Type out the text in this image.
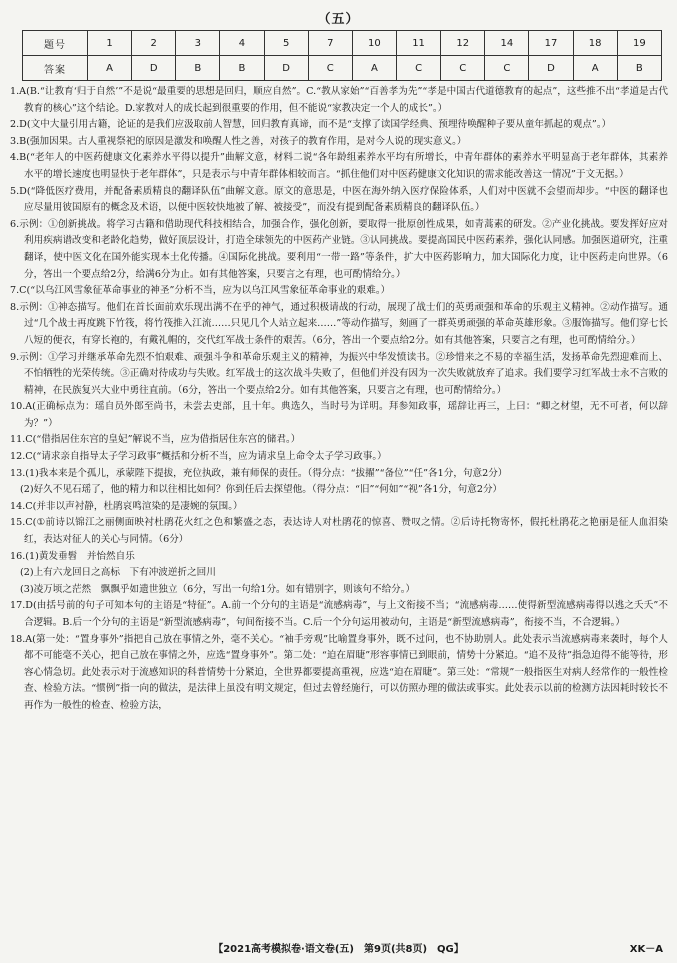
（五）
题号	1	2	3	4	5	7	10	11	12	14	17	18	19
答案	A	D	B	B	D	C	A	C	C	C	D	A	B

1.A(B.“让教育‘归于自然’”不是说“最重要的思想是回归，顺应自然”。C.“教从家始”“百善孝为先”“孝是中国古代道德教育的起点”，这些推不出“孝道是古代教育的核心”这个结论。D.家教对人的成长起到很重要的作用，但不能说“家教决定一个人的成长”。）

2.D(文中大量引用古籍，论证的是我们应汲取前人智慧，回归教育真谛，而不是“支撑了读国学经典、预埋待唤醒种子要从童年抓起的观点”。）

3.B(强加因果。古人重视祭祀的原因是激发和唤醒人性之善，对孩子的教育作用，是对今人说的现实意义。）

4.B(“老年人的中医药健康文化素养水平得以提升”曲解文意，材料二说“各年龄组素养水平均有所增长，中青年群体的素养水平明显高于老年群体，其素养水平的增长速度也明显快于老年群体”，只是表示与中青年群体相较而言。“抓住他们对中医药健康文化知识的需求能改善这一情况”于文无据。）

5.D(“降低医疗费用，并配备素质精良的翻译队伍”曲解文意。原文的意思是，中医在海外纳入医疗保险体系，人们对中医就不会望而却步。“中医的翻译也应尽量用彼国原有的概念及术语，以便中医较快地被了解、被接受”，而没有提到配备素质精良的翻译队伍。）

6.示例：①创新挑战。将学习古籍和借助现代科技相结合，加强合作，强化创新，要取得一批原创性成果，如青蒿素的研发。②产业化挑战。要发挥好应对利用疾病谱改变和老龄化趋势，做好顶层设计，打造全球领先的中医药产业链。③认同挑战。要提高国民中医药素养，强化认同感。加强医道研究，注重翻译，使中医文化在国外能实现本土化传播。④国际化挑战。要利用“一带一路”等条件，扩大中医药影响力，加大国际化力度，让中医药走向世界。（6分，答出一个要点给2分，给满6分为止。如有其他答案，只要言之有理，也可酌情给分。）

7.C(“以乌江风雪象征革命事业的神圣”分析不当，应为以乌江风雪象征革命事业的艰难。）

8.示例：①神态描写。他们在首长面前欢乐现出满不在乎的神气，通过积极请战的行动，展现了战士们的英勇顽强和革命的乐观主义精神。②动作描写。通过“几个战士再度跳下竹筏，将竹筏推入江流……只见几个人站立起来……”等动作描写，刻画了一群英勇顽强的革命英雄形象。③服饰描写。他们穿七长八短的便衣，有穿长袍的，有戴礼帽的，交代红军战士条件的艰苦。（6分，答出一个要点给2分。如有其他答案，只要言之有理，也可酌情给分。）

9.示例：①学习并继承革命先烈不怕艰难、顽强斗争和革命乐观主义的精神，为振兴中华发愤读书。②珍惜来之不易的幸福生活，发扬革命先烈迎难而上、不怕牺牲的光荣传统。③正确对待成功与失败。红军战士的这次战斗失败了，但他们并没有因为一次失败就放弃了追求。我们要学习红军战士永不言败的精神，在民族复兴大业中勇往直前。（6分，答出一个要点给2分。如有其他答案，只要言之有理，也可酌情给分。）

10.A(正确标点为：瑶自员外郎至尚书，未尝去吏部，且十年。典选久，当时号为详明。拜参知政事，瑶辞让再三，上曰：“卿之材望，无不可者，何以辞为？”）

11.C(“借指居住东宫的皇妃”解说不当，应为借指居住东宫的储君。）

12.C(“请求亲自指导太子学习政事”概括和分析不当，应为请求皇上命令太子学习政事。）

13.(1)我本来是个孤儿，承蒙陛下提拔，充位执政，兼有师保的责任。（得分点：“拔擢”“备位”“任”各1分，句意2分）

(2)好久不见石瑶了，他的精力和以往相比如何？你到任后去探望他。（得分点：“旧”“何如”“视”各1分，句意2分）

14.C(并非以声衬静，杜鹃哀鸣渲染的是凄婉的氛围。）

15.C(①前诗以锦江之丽侧面映衬杜鹃花火红之色和繁盛之态，表达诗人对杜鹃花的惊喜、赞叹之情。②后诗托物寄怀，假托杜鹃花之艳丽是征人血泪染红，表达对征人的关心与同情。（6分）

16.(1)黄发垂髫　并怡然自乐

(2)上有六龙回日之高标　下有冲波逆折之回川

(3)凌万顷之茫然　飘飘乎如遗世独立（6分，写出一句给1分。如有错别字，则该句不给分。）

17.D(由括号前的句子可知本句的主语是“特征”。A.前一个分句的主语是“流感病毒”，与上文衔接不当；“流感病毒……使得新型流感病毒得以逃之夭夭”不合逻辑。B.后一个分句的主语是“新型流感病毒”，句间衔接不当。C.后一个分句运用被动句，主语是“新型流感病毒”，衔接不当，不合逻辑。）

18.A(第一处：“置身事外”指把自己放在事情之外，毫不关心。“袖手旁观”比喻置身事外，既不过问，也不协助别人。此处表示当流感病毒来袭时，每个人都不可能毫不关心，把自己放在事情之外，应选“置身事外”。第二处：“迫在眉睫”形容事情已到眼前，情势十分紧迫。“追不及待”指急迫得不能等待，形容心情急切。此处表示对于流感知识的科普情势十分紧迫，全世界都要提高重视，应选“迫在眉睫”。第三处：“常规”一般指医生对病人经常作的一般性检查、检验方法。“惯例”指一向的做法，是法律上虽没有明文规定，但过去曾经施行，可以仿照办理的做法或事实。此处表示以前的检测方法因耗时较长不再作为一般性的检查、检验方法，

【2021高考模拟卷·语文卷(五)　第9页(共8页)　QG】	XK－A
